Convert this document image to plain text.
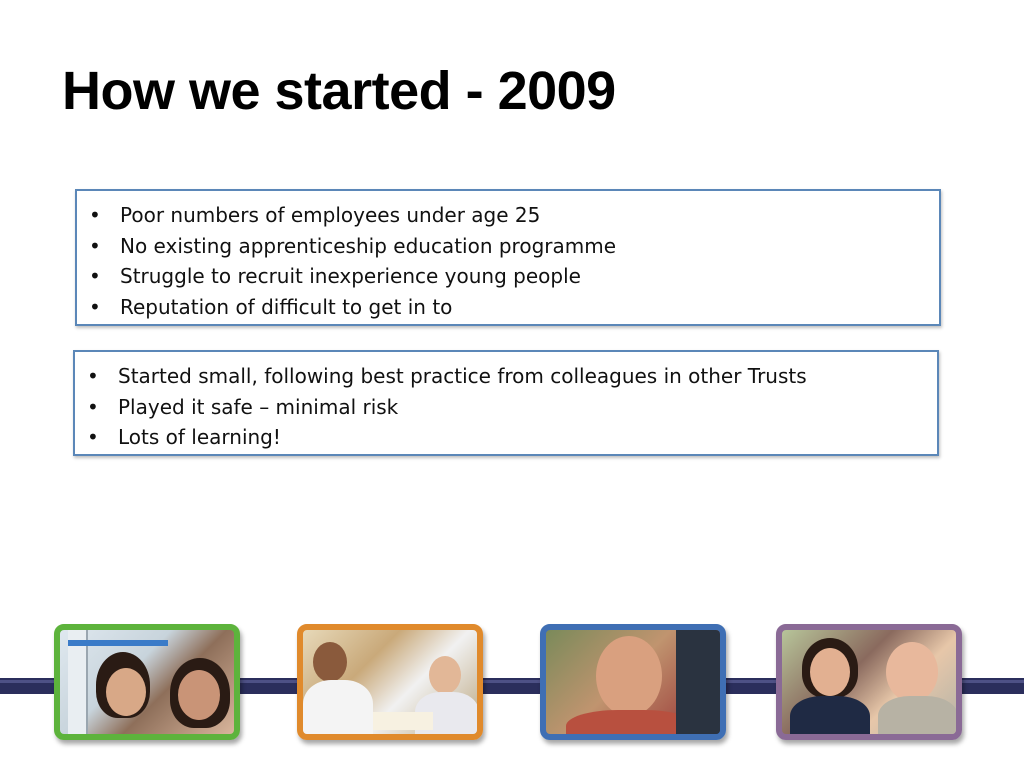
How we started - 2009
• Poor numbers of employees under age 25
• No existing apprenticeship education programme
• Struggle to recruit inexperience young people
• Reputation of difficult to get in to
• Started small, following best practice from colleagues in other Trusts
• Played it safe – minimal risk
• Lots of learning!
